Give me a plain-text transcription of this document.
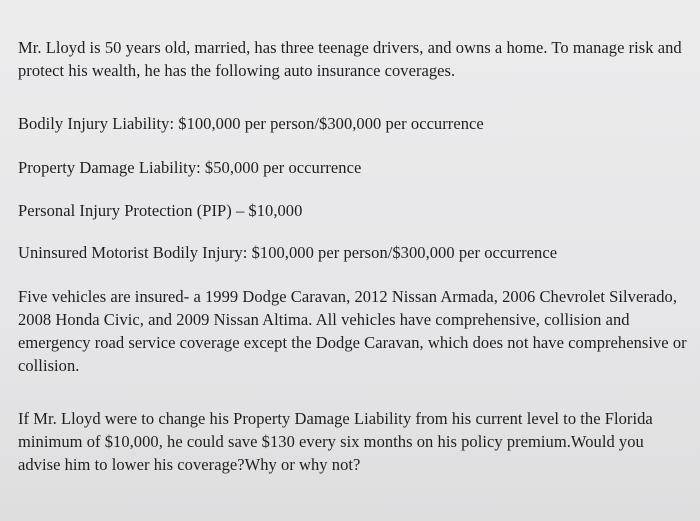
Mr. Lloyd is 50 years old, married, has three teenage drivers, and owns a home. To manage risk and protect his wealth, he has the following auto insurance coverages.

Bodily Injury Liability: $100,000 per person/$300,000 per occurrence

Property Damage Liability: $50,000 per occurrence

Personal Injury Protection (PIP) – $10,000

Uninsured Motorist Bodily Injury: $100,000 per person/$300,000 per occurrence

Five vehicles are insured- a 1999 Dodge Caravan, 2012 Nissan Armada, 2006 Chevrolet Silverado, 2008 Honda Civic, and 2009 Nissan Altima. All vehicles have comprehensive, collision and emergency road service coverage except the Dodge Caravan, which does not have comprehensive or collision.

If Mr. Lloyd were to change his Property Damage Liability from his current level to the Florida minimum of $10,000, he could save $130 every six months on his policy premium.Would you advise him to lower his coverage?Why or why not?
